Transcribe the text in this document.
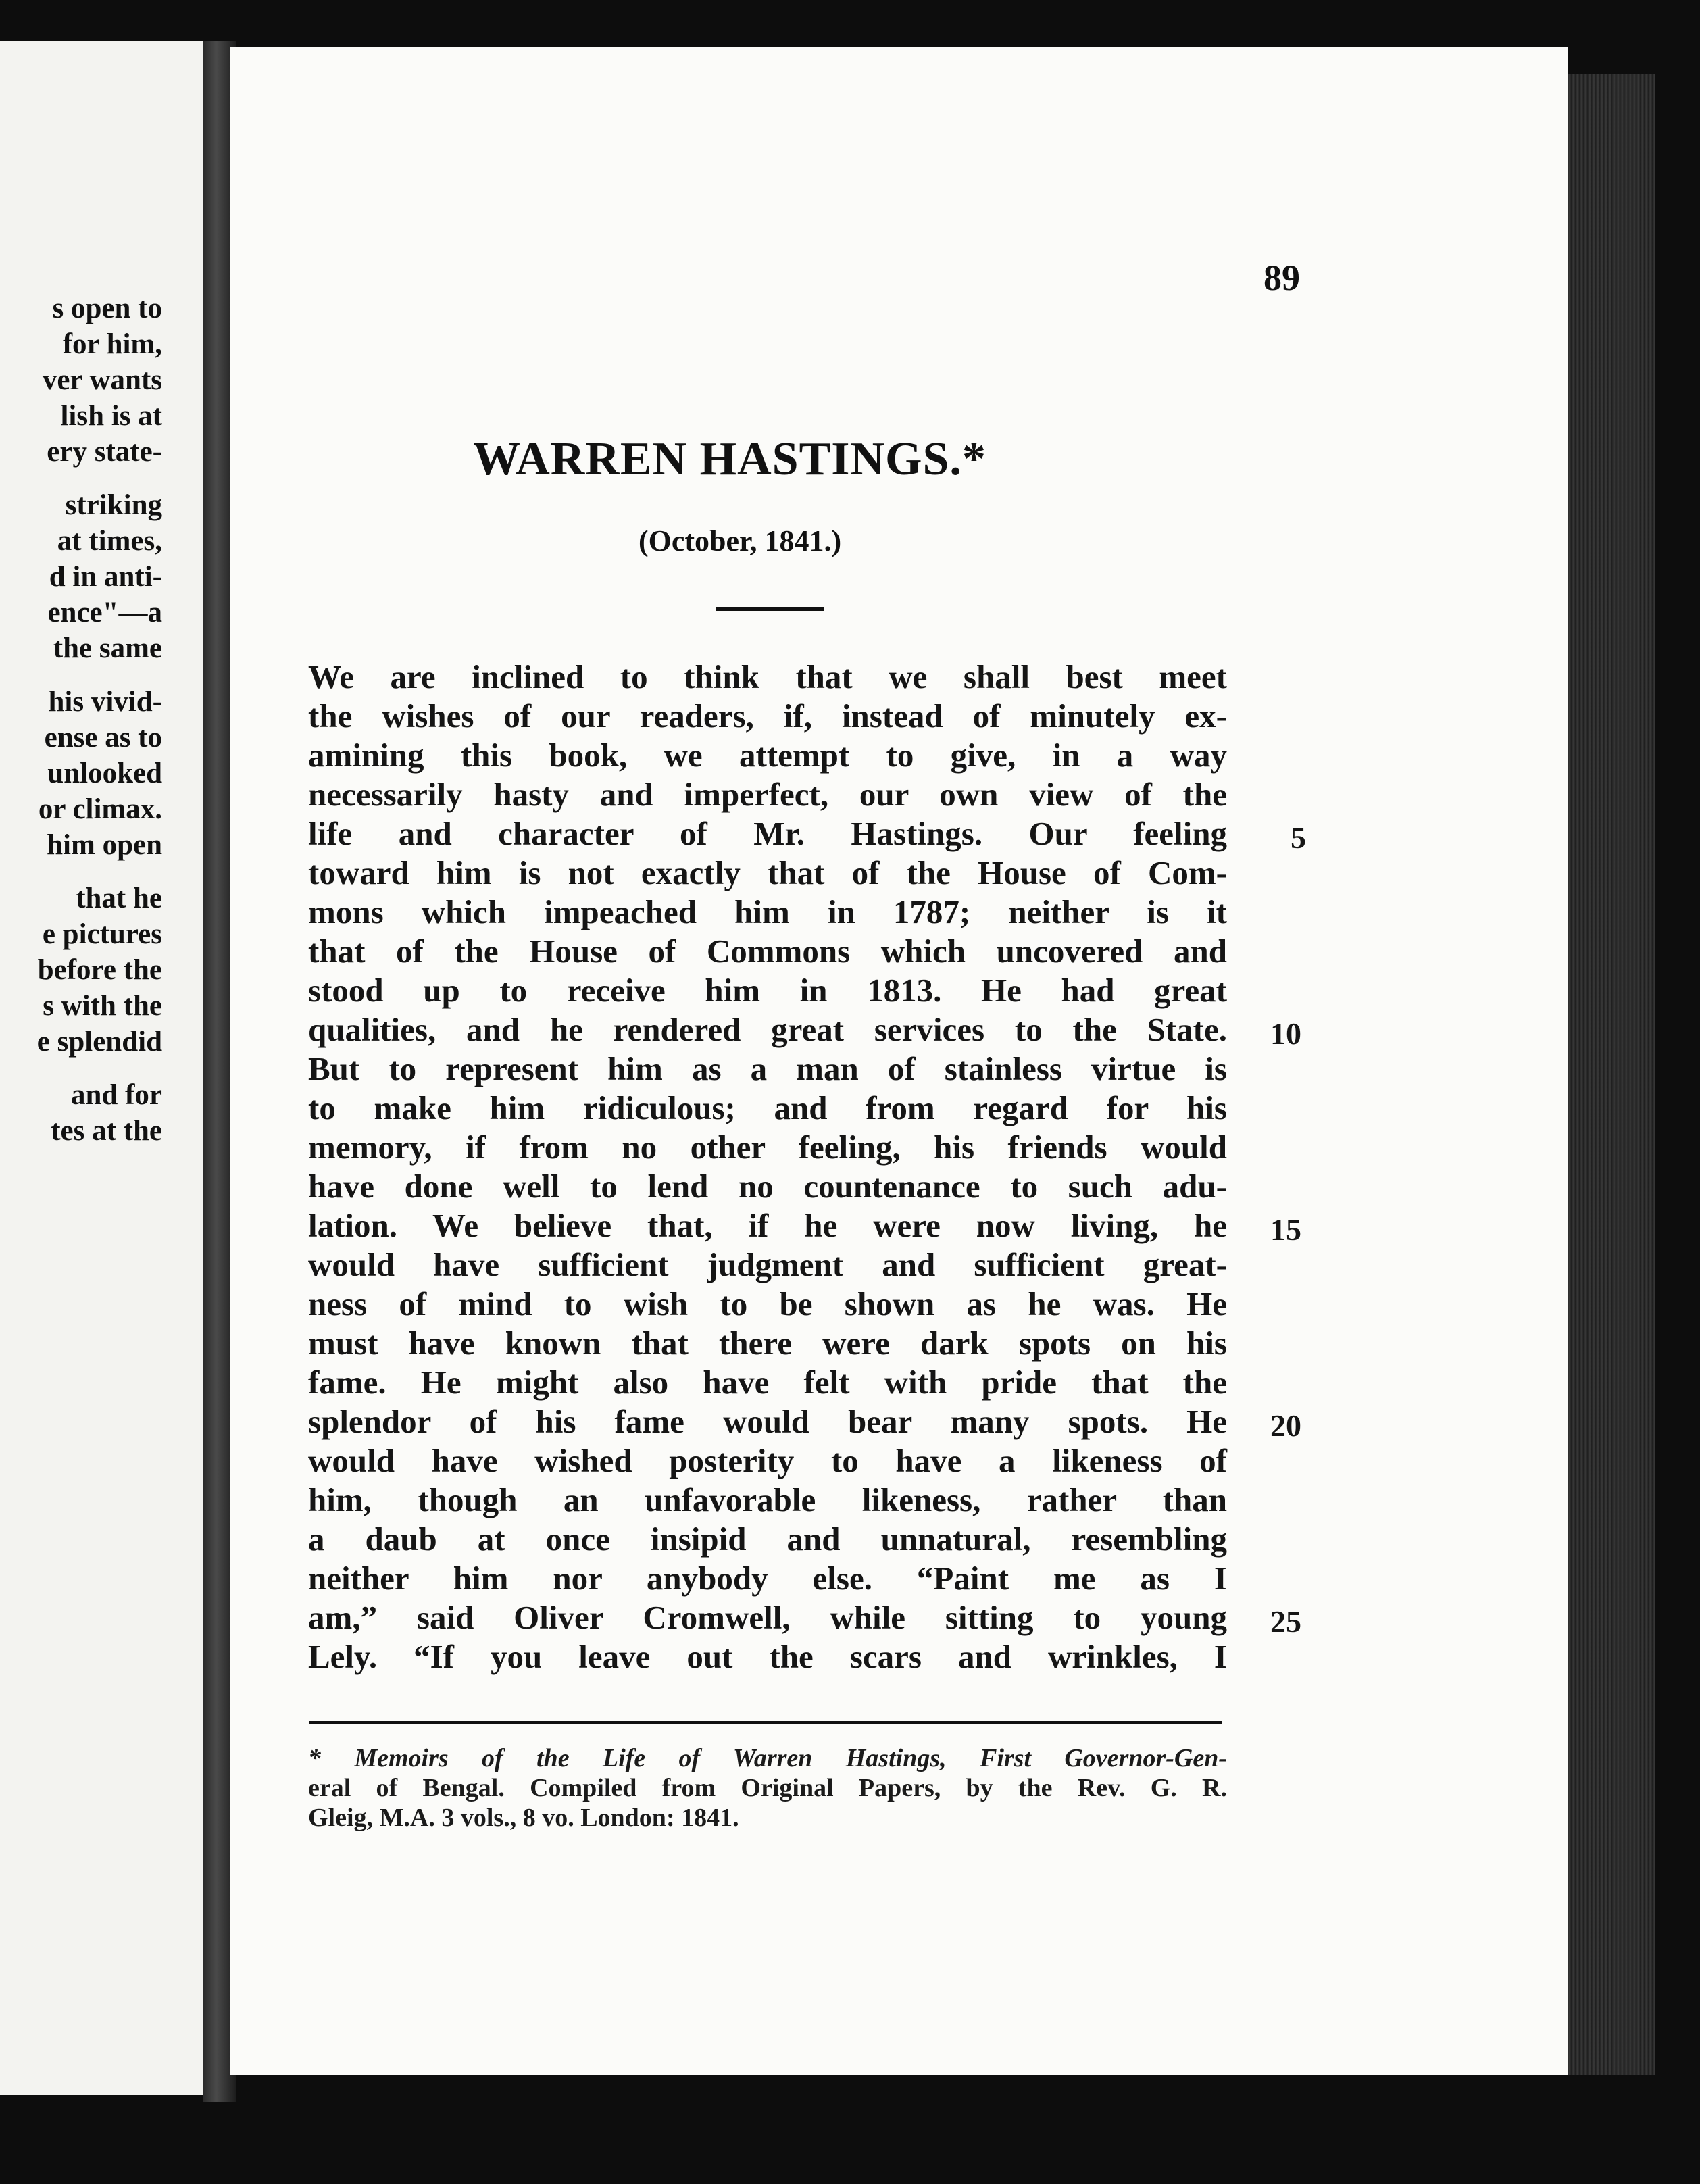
s open to
for him,
ver wants
lish is at
ery state-
striking
at times,
d in anti-
ence"—a
the same
his vivid-
ense as to
unlooked
or climax.
him open
that he
e pictures
before the
s with the
e splendid
and for
tes at the
89
WARREN HASTINGS.*
(October, 1841.)
We are inclined to think that we shall best meet
the wishes of our readers, if, instead of minutely ex-
amining this book, we attempt to give, in a way
necessarily hasty and imperfect, our own view of the
life and character of Mr. Hastings. Our feeling
toward him is not exactly that of the House of Com-
mons which impeached him in 1787; neither is it
that of the House of Commons which uncovered and
stood up to receive him in 1813. He had great
qualities, and he rendered great services to the State.
But to represent him as a man of stainless virtue is
to make him ridiculous; and from regard for his
memory, if from no other feeling, his friends would
have done well to lend no countenance to such adu-
lation. We believe that, if he were now living, he
would have sufficient judgment and sufficient great-
ness of mind to wish to be shown as he was. He
must have known that there were dark spots on his
fame. He might also have felt with pride that the
splendor of his fame would bear many spots. He
would have wished posterity to have a likeness of
him, though an unfavorable likeness, rather than
a daub at once insipid and unnatural, resembling
neither him nor anybody else. “Paint me as I
am,” said Oliver Cromwell, while sitting to young
Lely. “If you leave out the scars and wrinkles, I
5
10
15
20
25
* Memoirs of the Life of Warren Hastings, First Governor-Gen-
eral of Bengal. Compiled from Original Papers, by the Rev. G. R.
Gleig, M.A. 3 vols., 8 vo. London: 1841.
